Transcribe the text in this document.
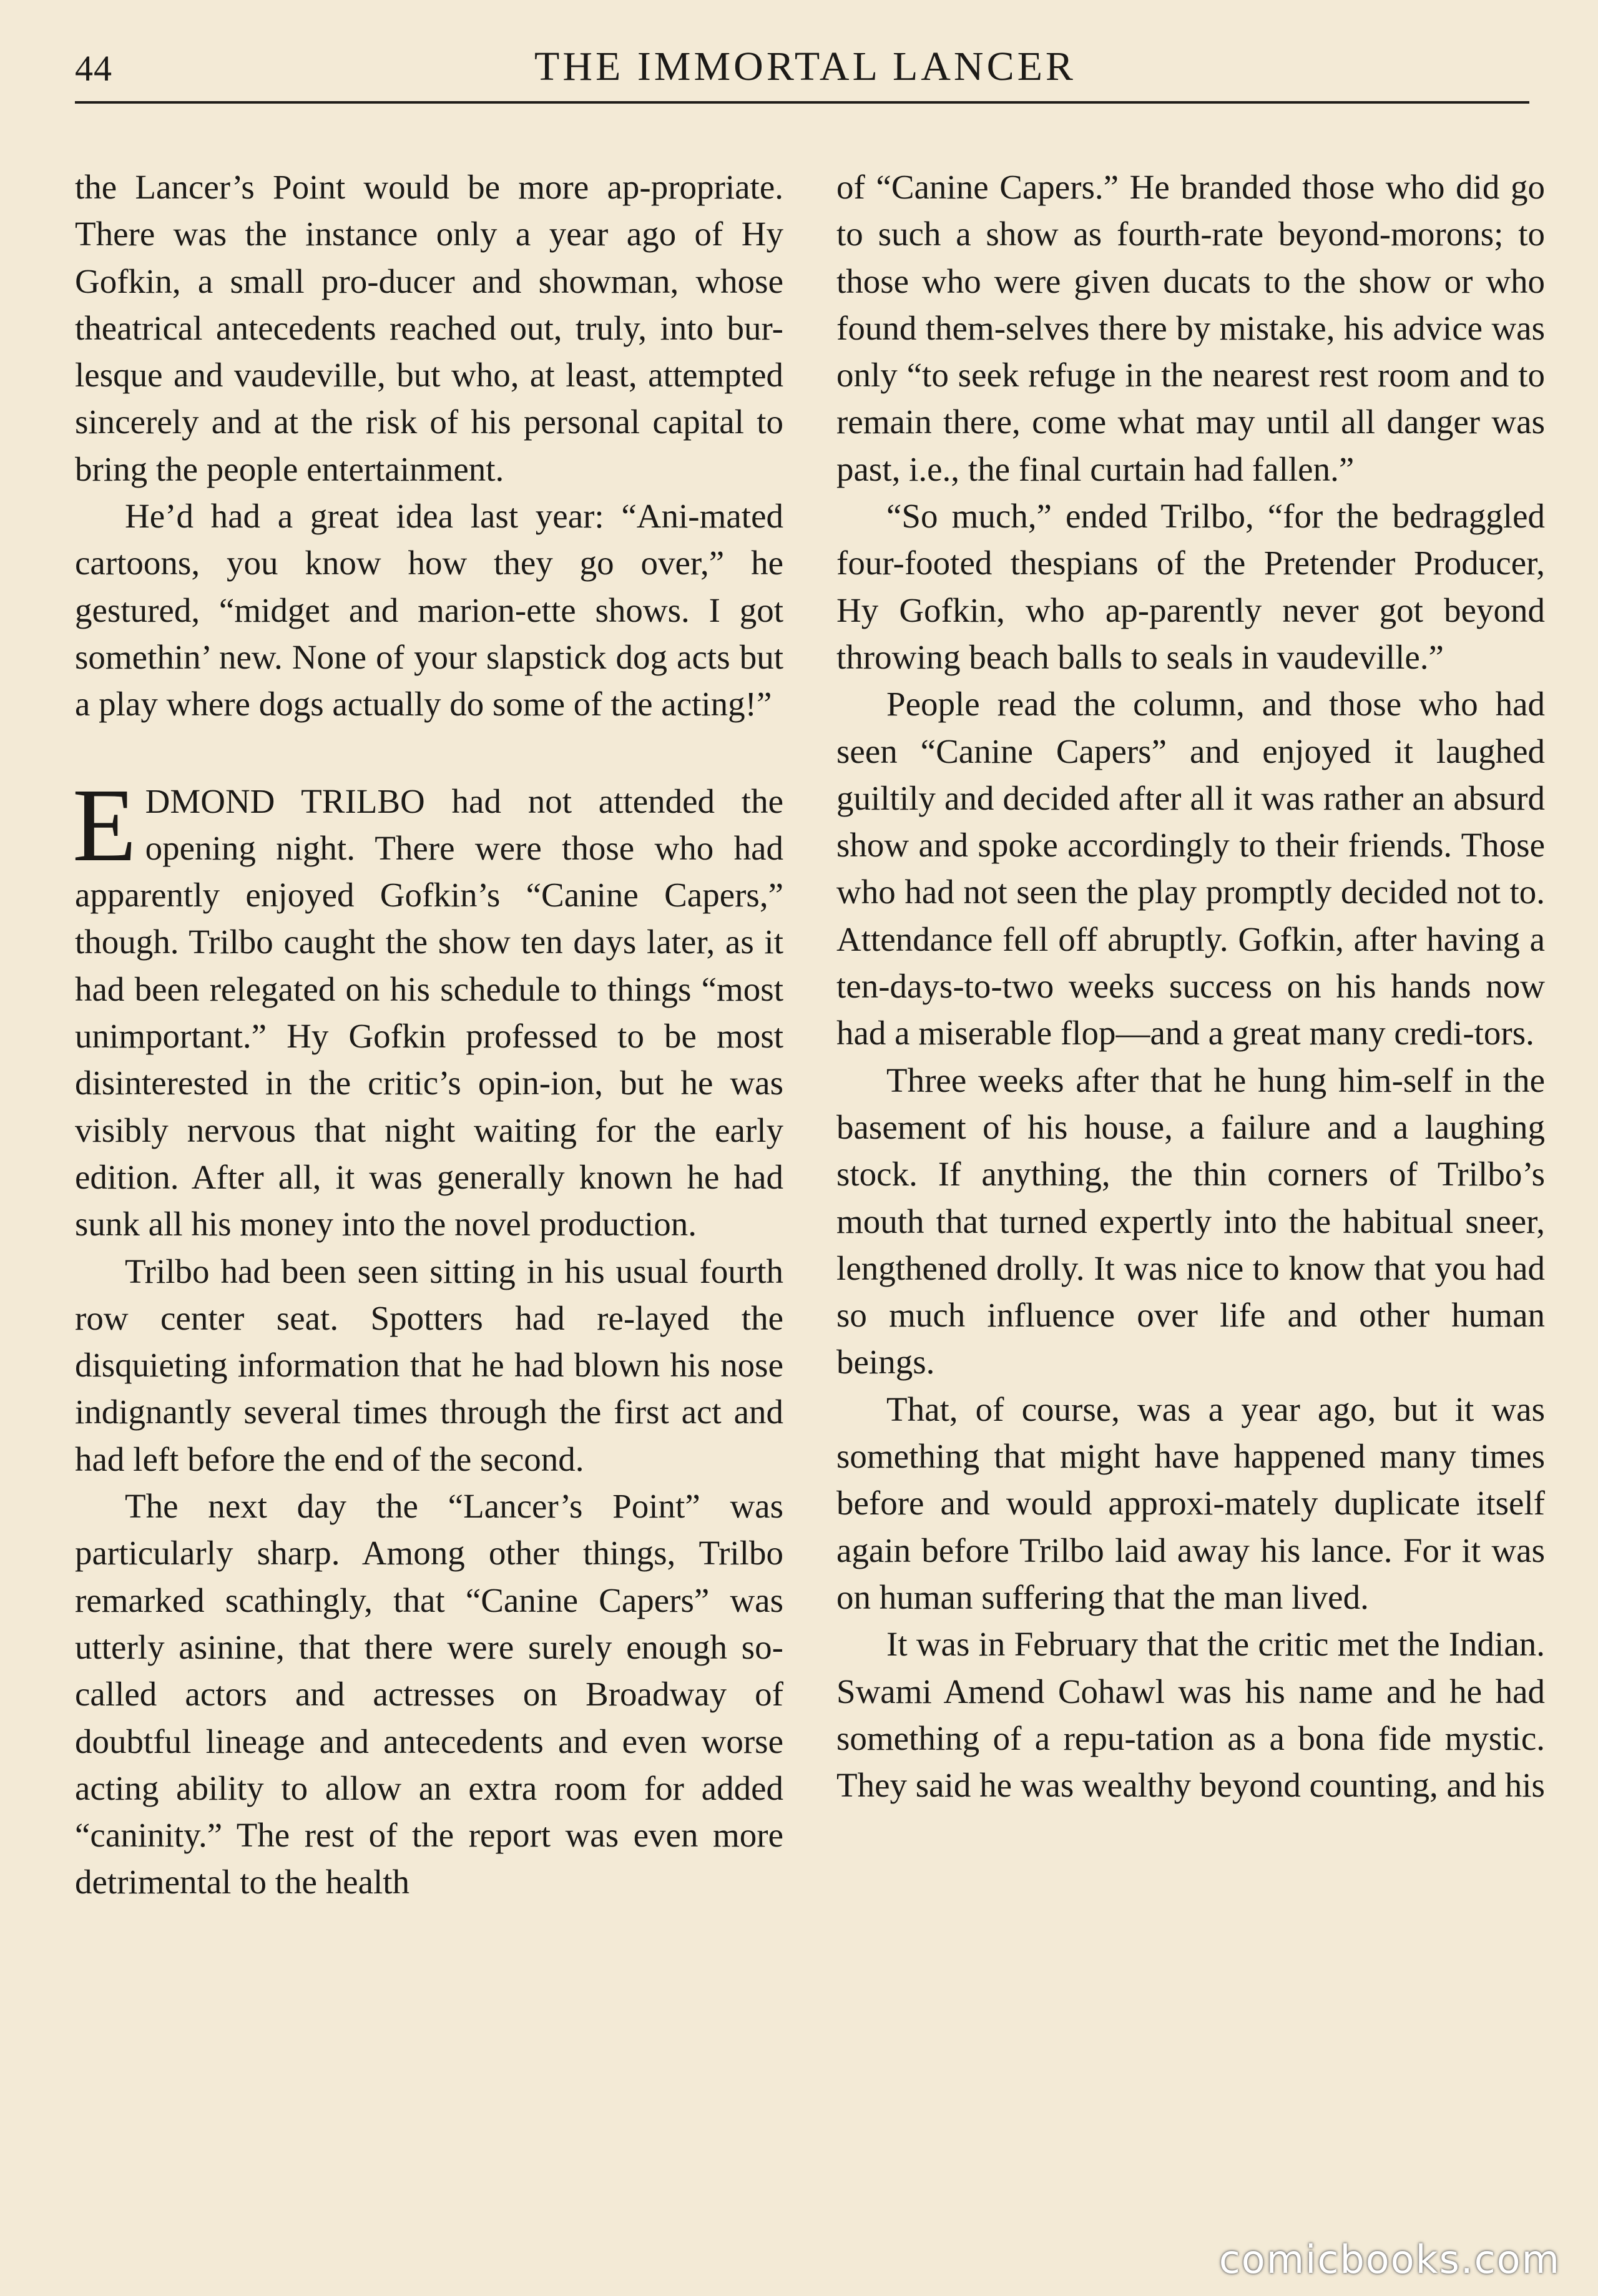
44	THE IMMORTAL LANCER

the Lancer’s Point would be more ap-propriate. There was the instance only a year ago of Hy Gofkin, a small pro-ducer and showman, whose theatrical antecedents reached out, truly, into bur-lesque and vaudeville, but who, at least, attempted sincerely and at the risk of his personal capital to bring the people entertainment.

He’d had a great idea last year: “Ani-mated cartoons, you know how they go over,” he gestured, “midget and marion-ette shows. I got somethin’ new. None of your slapstick dog acts but a play where dogs actually do some of the acting!”

EDMOND TRILBO had not attended the opening night. There were those who had apparently enjoyed Gofkin’s “Canine Capers,” though. Trilbo caught the show ten days later, as it had been relegated on his schedule to things “most unimportant.” Hy Gofkin professed to be most disinterested in the critic’s opin-ion, but he was visibly nervous that night waiting for the early edition. After all, it was generally known he had sunk all his money into the novel production.

Trilbo had been seen sitting in his usual fourth row center seat. Spotters had re-layed the disquieting information that he had blown his nose indignantly several times through the first act and had left before the end of the second.

The next day the “Lancer’s Point” was particularly sharp. Among other things, Trilbo remarked scathingly, that “Canine Capers” was utterly asinine, that there were surely enough so-called actors and actresses on Broadway of doubtful lineage and antecedents and even worse acting ability to allow an extra room for added “caninity.” The rest of the report was even more detrimental to the health

of “Canine Capers.” He branded those who did go to such a show as fourth-rate beyond-morons; to those who were given ducats to the show or who found them-selves there by mistake, his advice was only “to seek refuge in the nearest rest room and to remain there, come what may until all danger was past, i.e., the final curtain had fallen.”

“So much,” ended Trilbo, “for the bedraggled four-footed thespians of the Pretender Producer, Hy Gofkin, who ap-parently never got beyond throwing beach balls to seals in vaudeville.”

People read the column, and those who had seen “Canine Capers” and enjoyed it laughed guiltily and decided after all it was rather an absurd show and spoke accordingly to their friends. Those who had not seen the play promptly decided not to. Attendance fell off abruptly. Gofkin, after having a ten-days-to-two weeks success on his hands now had a miserable flop—and a great many credi-tors.

Three weeks after that he hung him-self in the basement of his house, a failure and a laughing stock. If anything, the thin corners of Trilbo’s mouth that turned expertly into the habitual sneer, lengthened drolly. It was nice to know that you had so much influence over life and other human beings.

That, of course, was a year ago, but it was something that might have happened many times before and would approxi-mately duplicate itself again before Trilbo laid away his lance. For it was on human suffering that the man lived.

It was in February that the critic met the Indian. Swami Amend Cohawl was his name and he had something of a repu-tation as a bona fide mystic. They said he was wealthy beyond counting, and his

comicbooks.com
